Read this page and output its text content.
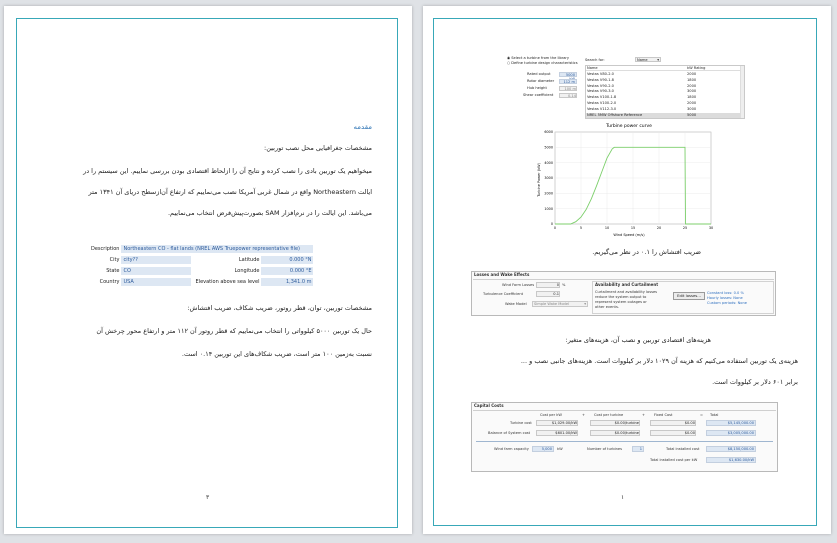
مقدمه
مشخصات جغرافیایی محل نصب توربین:
میخواهیم یک توربین بادی را نصب کرده و نتایج آن را ازلحاظ اقتصادی بودن بررسی نماییم. این سیستم را در
ایالت Northeastern واقع در شمال غربی آمریکا نصب می‌نماییم که ارتفاع آن‌ازسطح دریای آن ۱۳۴۱ متر
می‌باشد. این ایالت را در نرم‌افزار SAM بصورت‌پیش‌فرض انتخاب می‌نماییم.
Description	Northeastern CO - flat lands (NREL AWS Truepower representative file)		
City	city??	Latitude	0.000 °N
State	CO	Longitude	0.000 °E
Country	USA	Elevation above sea level	1,341.0 m
مشخصات توربین، توان، قطر روتور، ضریب شکاف، ضریب افتشاش:
حال یک توربین ۵۰۰۰ کیلوواتی را انتخاب می‌نماییم که قطر روتور آن ۱۱۲ متر و ارتفاع محور چرخش آن
نسبت به‌زمین ۱۰۰ متر است، ضریب شکاف‌های این توربین ۰.۱۴ است.
۳
◉ Select a turbine from the library
○ Define turbine design characteristics
Rated output	5000
Rotor diameter	112 m
Hub height	100 m
Shear coefficient	0.14
Search for:	Name	▾
Name	kW Rating
Vestas V80-2.0	2000
Vestas V90-1.8	1800
Vestas V90-2.0	2000
Vestas V90-3.0	3000
Vestas V100-1.8	1800
Vestas V100-2.0	2000
Vestas V112-3.0	3000
NREL 5MW Offshore Reference	5000
Turbine power curve
Turbine Power (kW)
Wind Speed (m/s)
0	5	10	15	20	25	30
0
1000
2000
3000
4000
5000
6000
ضریب افتشاش را ۰.۱ در نظر می‌گیریم.
Losses and Wake Effects
Wind Farm Losses	0 %
Turbulence Coefficient	0.1
Wake Model	Simple Wake Model	▾
Availability and Curtailment
Curtailment and availability losses
reduce the system output to
represent system outages or
other events.
Edit losses...	Constant loss: 0.0 %
Hourly losses: None
Custom periods: None
هزینه‌های اقتصادی توربین و نصب آن، هزینه‌های متغیر:
هزینه‌ی یک توربین استفاده می‌کنیم که هزینه آن ۱۰۲۹ دلار بر کیلووات است. هزینه‌های جانبی نصب و ...
برابر ۶۰۱ دلار بر کیلووات است.
Capital Costs
Cost per kW	+ Cost per turbine	+ Fixed Cost	= Total
Turbine cost	$1,029.00/kW	$0.00/turbine	$0.00	$5,145,000.00
Balance of System cost	$601.00/kW	$0.00/turbine	$0.00	$3,005,000.00
Wind farm capacity	5,000	kW	Number of turbines	1	Total installed cost	$8,150,000.00
Total installed cost per kW	$1,630.00/kW
۱
